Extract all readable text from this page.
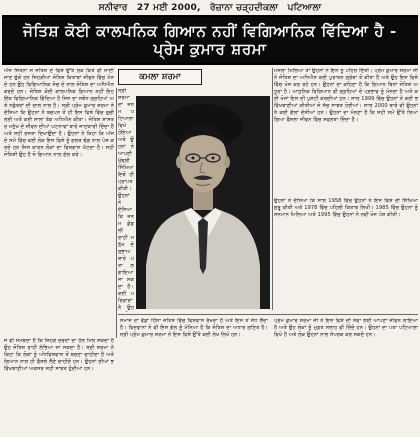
ਸਨੀਵਾਰ 27 ਮਈ 2000, ਰੋਜ਼ਾਨਾ ਚੜ੍ਹਦੀਕਲਾ ਪਟਿਆਲਾ
ਜੋਤਿਸ਼ ਕੋਈ ਕਾਲਪਨਿਕ ਗਿਆਨ ਨਹੀਂ ਵਿਗਿਆਨਿਕ ਵਿੱਦਿਆ ਹੈ - ਪ੍ਰੇਮ ਕੁਮਾਰ ਸ਼ਰਮਾ

ਅੱਜ ਜਿਤਨਾ ਜੋ ਜੋਤਿਸ਼ ਦੇ ਵਿਸ਼ੇ ਉੱਤੇ ਲੋਕ ਕਿਤੇ ਵੀ ਜਾਣੀ ਜਾਣ ਚੁੱਕੇ ਹਨ ਜਿਹੜੀਆਂ ਜੋਤਿਸ਼ ਕਿਤਾਬਾਂ ਜੀਵਨ ਵਿੱਚ ਮੰਨਦੇ ਹਨ ਉਹ ਵਿਗਿਆਨਿਕ ਸੋਚ ਦੇ ਨਾਲ ਜੋਤਿਸ਼ ਦਾ ਅਧਿਐਨ ਕਰਦੇ ਹਨ। ਜੋਤਿਸ਼ ਕੋਈ ਕਾਲਪਨਿਕ ਗਿਆਨ ਨਹੀਂ ਇਹ ਇੱਕ ਵਿਗਿਆਨਿਕ ਵਿੱਦਿਆ ਹੈ ਜਿਸ ਦਾ ਸਬੰਧ ਗ੍ਰਹਿਆਂ ਅਤੇ ਨਛੱਤਰਾਂ ਦੀ ਚਾਲ ਨਾਲ ਹੈ। ਸ੍ਰੀ ਪ੍ਰੇਮ ਕੁਮਾਰ ਸ਼ਰਮਾ ਨੇ ਦੱਸਿਆ ਕਿ ਉਹਨਾਂ ਨੇ ਬਚਪਨ ਤੋਂ ਹੀ ਇਸ ਵਿਸ਼ੇ ਵਿੱਚ ਰੁਚੀ ਲਈ ਅਤੇ ਕਈ ਸਾਲਾਂ ਤੱਕ ਅਧਿਐਨ ਕੀਤਾ। ਜੋਤਿਸ਼ ਸ਼ਾਸਤਰ ਮਨੁੱਖ ਦੇ ਜੀਵਨ ਦੀਆਂ ਘਟਨਾਵਾਂ ਬਾਰੇ ਜਾਣਕਾਰੀ ਦਿੰਦਾ ਹੈ ਅਤੇ ਸਹੀ ਰਸਤਾ ਦਿਖਾਉਂਦਾ ਹੈ। ਉਹਨਾਂ ਨੇ ਕਿਹਾ ਕਿ ਅੱਜ ਦੇ ਸਮੇਂ ਵਿੱਚ ਕਈ ਲੋਕ ਇਸ ਵਿਸ਼ੇ ਨੂੰ ਗਲਤ ਢੰਗ ਨਾਲ ਪੇਸ਼ ਕਰਦੇ ਹਨ ਜਿਸ ਕਾਰਨ ਲੋਕਾਂ ਦਾ ਵਿਸ਼ਵਾਸ ਘੱਟਦਾ ਹੈ। ਸਹੀ ਜੋਤਿਸ਼ੀ ਉਹ ਹੈ ਜੋ ਗਿਆਨ ਨਾਲ ਗੱਲ ਕਰੇ।

ਕਮਲਾ ਸ਼ਰਮਾ

ਮਸਲਾ ਮਿਲਿਆ ਤਾਂ ਉਹਨਾਂ ਨੇ ਇਸ ਨੂੰ ਪਹਿਲ ਦਿੱਤੀ। ਪ੍ਰੇਮ ਕੁਮਾਰ ਸ਼ਰਮਾ ਜੀ ਨੇ ਜੋਤਿਸ਼ ਦਾ ਅਧਿਐਨ ਕਈ ਪੁਰਾਤਨ ਗ੍ਰੰਥਾਂ ਤੋਂ ਕੀਤਾ ਹੈ ਅਤੇ ਉਹ ਇਸ ਵਿਸ਼ੇ ਵਿੱਚ ਖੋਜ ਕਰ ਰਹੇ ਹਨ। ਉਹਨਾਂ ਦਾ ਕਹਿਣਾ ਹੈ ਕਿ ਗਿਆਨ ਬਿਨਾਂ ਜੋਤਿਸ਼ ਅਧੂਰਾ ਹੈ। ਆਧੁਨਿਕ ਵਿਗਿਆਨ ਵੀ ਗ੍ਰਹਿਆਂ ਦੇ ਪ੍ਰਭਾਵ ਨੂੰ ਮੰਨਦਾ ਹੈ ਅਤੇ ਕਈ ਖੋਜਾਂ ਇਸ ਦੀ ਪੁਸ਼ਟੀ ਕਰਦੀਆਂ ਹਨ। ਸਾਲ 1999 ਵਿੱਚ ਉਹਨਾਂ ਨੇ ਕਈ ਭਵਿੱਖਬਾਣੀਆਂ ਕੀਤੀਆਂ ਜੋ ਸੱਚ ਸਾਬਤ ਹੋਈਆਂ। ਸਾਲ 2000 ਬਾਰੇ ਵੀ ਉਹਨਾਂ ਨੇ ਕਈ ਗੱਲਾਂ ਦੱਸੀਆਂ ਹਨ। ਉਹਨਾਂ ਦਾ ਮੰਨਣਾ ਹੈ ਕਿ ਸਹੀ ਸਮੇਂ ਉੱਤੇ ਲਿਆ ਗਿਆ ਫੈਸਲਾ ਜੀਵਨ ਵਿੱਚ ਸਫਲਤਾ ਦਿੰਦਾ ਹੈ।

ਉਹਨਾਂ ਨੇ ਦੱਸਿਆ ਕਿ ਸਾਲ 1958 ਵਿੱਚ ਉਹਨਾਂ ਨੇ ਇਸ ਵਿਸ਼ੇ ਦੀ ਸਿੱਖਿਆ ਸ਼ੁਰੂ ਕੀਤੀ ਅਤੇ 1978 ਵਿੱਚ ਪਹਿਲੀ ਕਿਤਾਬ ਲਿਖੀ। 1985 ਵਿੱਚ ਉਹਨਾਂ ਨੂੰ ਸਨਮਾਨ ਮਿਲਿਆ ਅਤੇ 1995 ਵਿੱਚ ਉਹਨਾਂ ਨੇ ਨਵੀਂ ਖੋਜ ਪੇਸ਼ ਕੀਤੀ।

ਸ੍ਰੀ ਸ਼ਰਮਾ ਦਾ ਜਨਮ ਪਟਿਆਲਾ ਵਿਖੇ ਹੋਇਆ ਅਤੇ ਉਹਨਾਂ ਨੇ ਆਪਣੀ ਮੁੱਢਲੀ ਸਿੱਖਿਆ ਇਥੋਂ ਹੀ ਪ੍ਰਾਪਤ ਕੀਤੀ। ਉਹਨਾਂ ਨੇ ਦੱਸਿਆ ਕਿ ਜਨਮ ਕੁੰਡਲੀ ਰਾਹੀਂ ਮਨੁੱਖ ਦੇ ਸੁਭਾਅ ਬਾਰੇ ਪਤਾ ਲਗਾਇਆ ਜਾ ਸਕਦਾ ਹੈ। ਕਈ ਪਰਿਵਾਰਾਂ ਨੇ ਉਹ

ਜੋ ਵੀ ਸਮਝਦਾ ਹੈ ਕਿ ਜਿਹੜੇ ਦਰਦਾਂ ਦਾ ਹੱਲ ਮਿਲ ਸਕਦਾ ਹੈ ਉਹ ਜੋਤਿਸ਼ ਰਾਹੀਂ ਲੱਭਿਆ ਜਾ ਸਕਦਾ ਹੈ। ਸ੍ਰੀ ਸ਼ਰਮਾ ਨੇ ਕਿਹਾ ਕਿ ਲੋਕਾਂ ਨੂੰ ਅੰਧਵਿਸ਼ਵਾਸ ਤੋਂ ਬਚਣਾ ਚਾਹੀਦਾ ਹੈ ਅਤੇ ਗਿਆਨ ਨਾਲ ਹੀ ਫੈਸਲੇ ਲੈਣੇ ਚਾਹੀਦੇ ਹਨ। ਉਹਨਾਂ ਦੀਆਂ ਭਵਿੱਖਬਾਣੀਆਂ ਅਕਸਰ ਸਹੀ ਸਾਬਤ ਹੁੰਦੀਆਂ ਹਨ।

ਸਮਾਜ ਦਾ ਵੱਡਾ ਹਿੱਸਾ ਜੋਤਿਸ਼ ਵਿੱਚ ਵਿਸ਼ਵਾਸ ਰੱਖਦਾ ਹੈ ਅਤੇ ਇਸ ਤੋਂ ਸੇਧ ਲੈਂਦਾ ਹੈ। ਵਿਦਵਾਨਾਂ ਨੇ ਵੀ ਇਸ ਗੱਲ ਨੂੰ ਮੰਨਿਆ ਹੈ ਕਿ ਜੋਤਿਸ਼ ਦਾ ਅਧਾਰ ਗਣਿਤ ਹੈ। ਸ੍ਰੀ ਪ੍ਰੇਮ ਕੁਮਾਰ ਸ਼ਰਮਾ ਨੇ ਇਸ ਵਿਸ਼ੇ ਉੱਤੇ ਕਈ ਲੇਖ ਲਿਖੇ ਹਨ।

ਪ੍ਰੇਮ ਕੁਮਾਰ ਸ਼ਰਮਾ ਜੀ ਨੇ ਇਸ ਵਿਸ਼ੇ ਦੀ ਸੇਵਾ ਲਈ ਆਪਣਾ ਜੀਵਨ ਲਾਇਆ ਹੈ ਅਤੇ ਉਹ ਲੋਕਾਂ ਨੂੰ ਮੁਫ਼ਤ ਸਲਾਹ ਵੀ ਦਿੰਦੇ ਹਨ। ਉਹਨਾਂ ਦਾ ਪਤਾ ਪਟਿਆਲਾ ਵਿਖੇ ਹੈ ਅਤੇ ਲੋਕ ਉਹਨਾਂ ਨਾਲ ਸੰਪਰਕ ਕਰ ਸਕਦੇ ਹਨ।
